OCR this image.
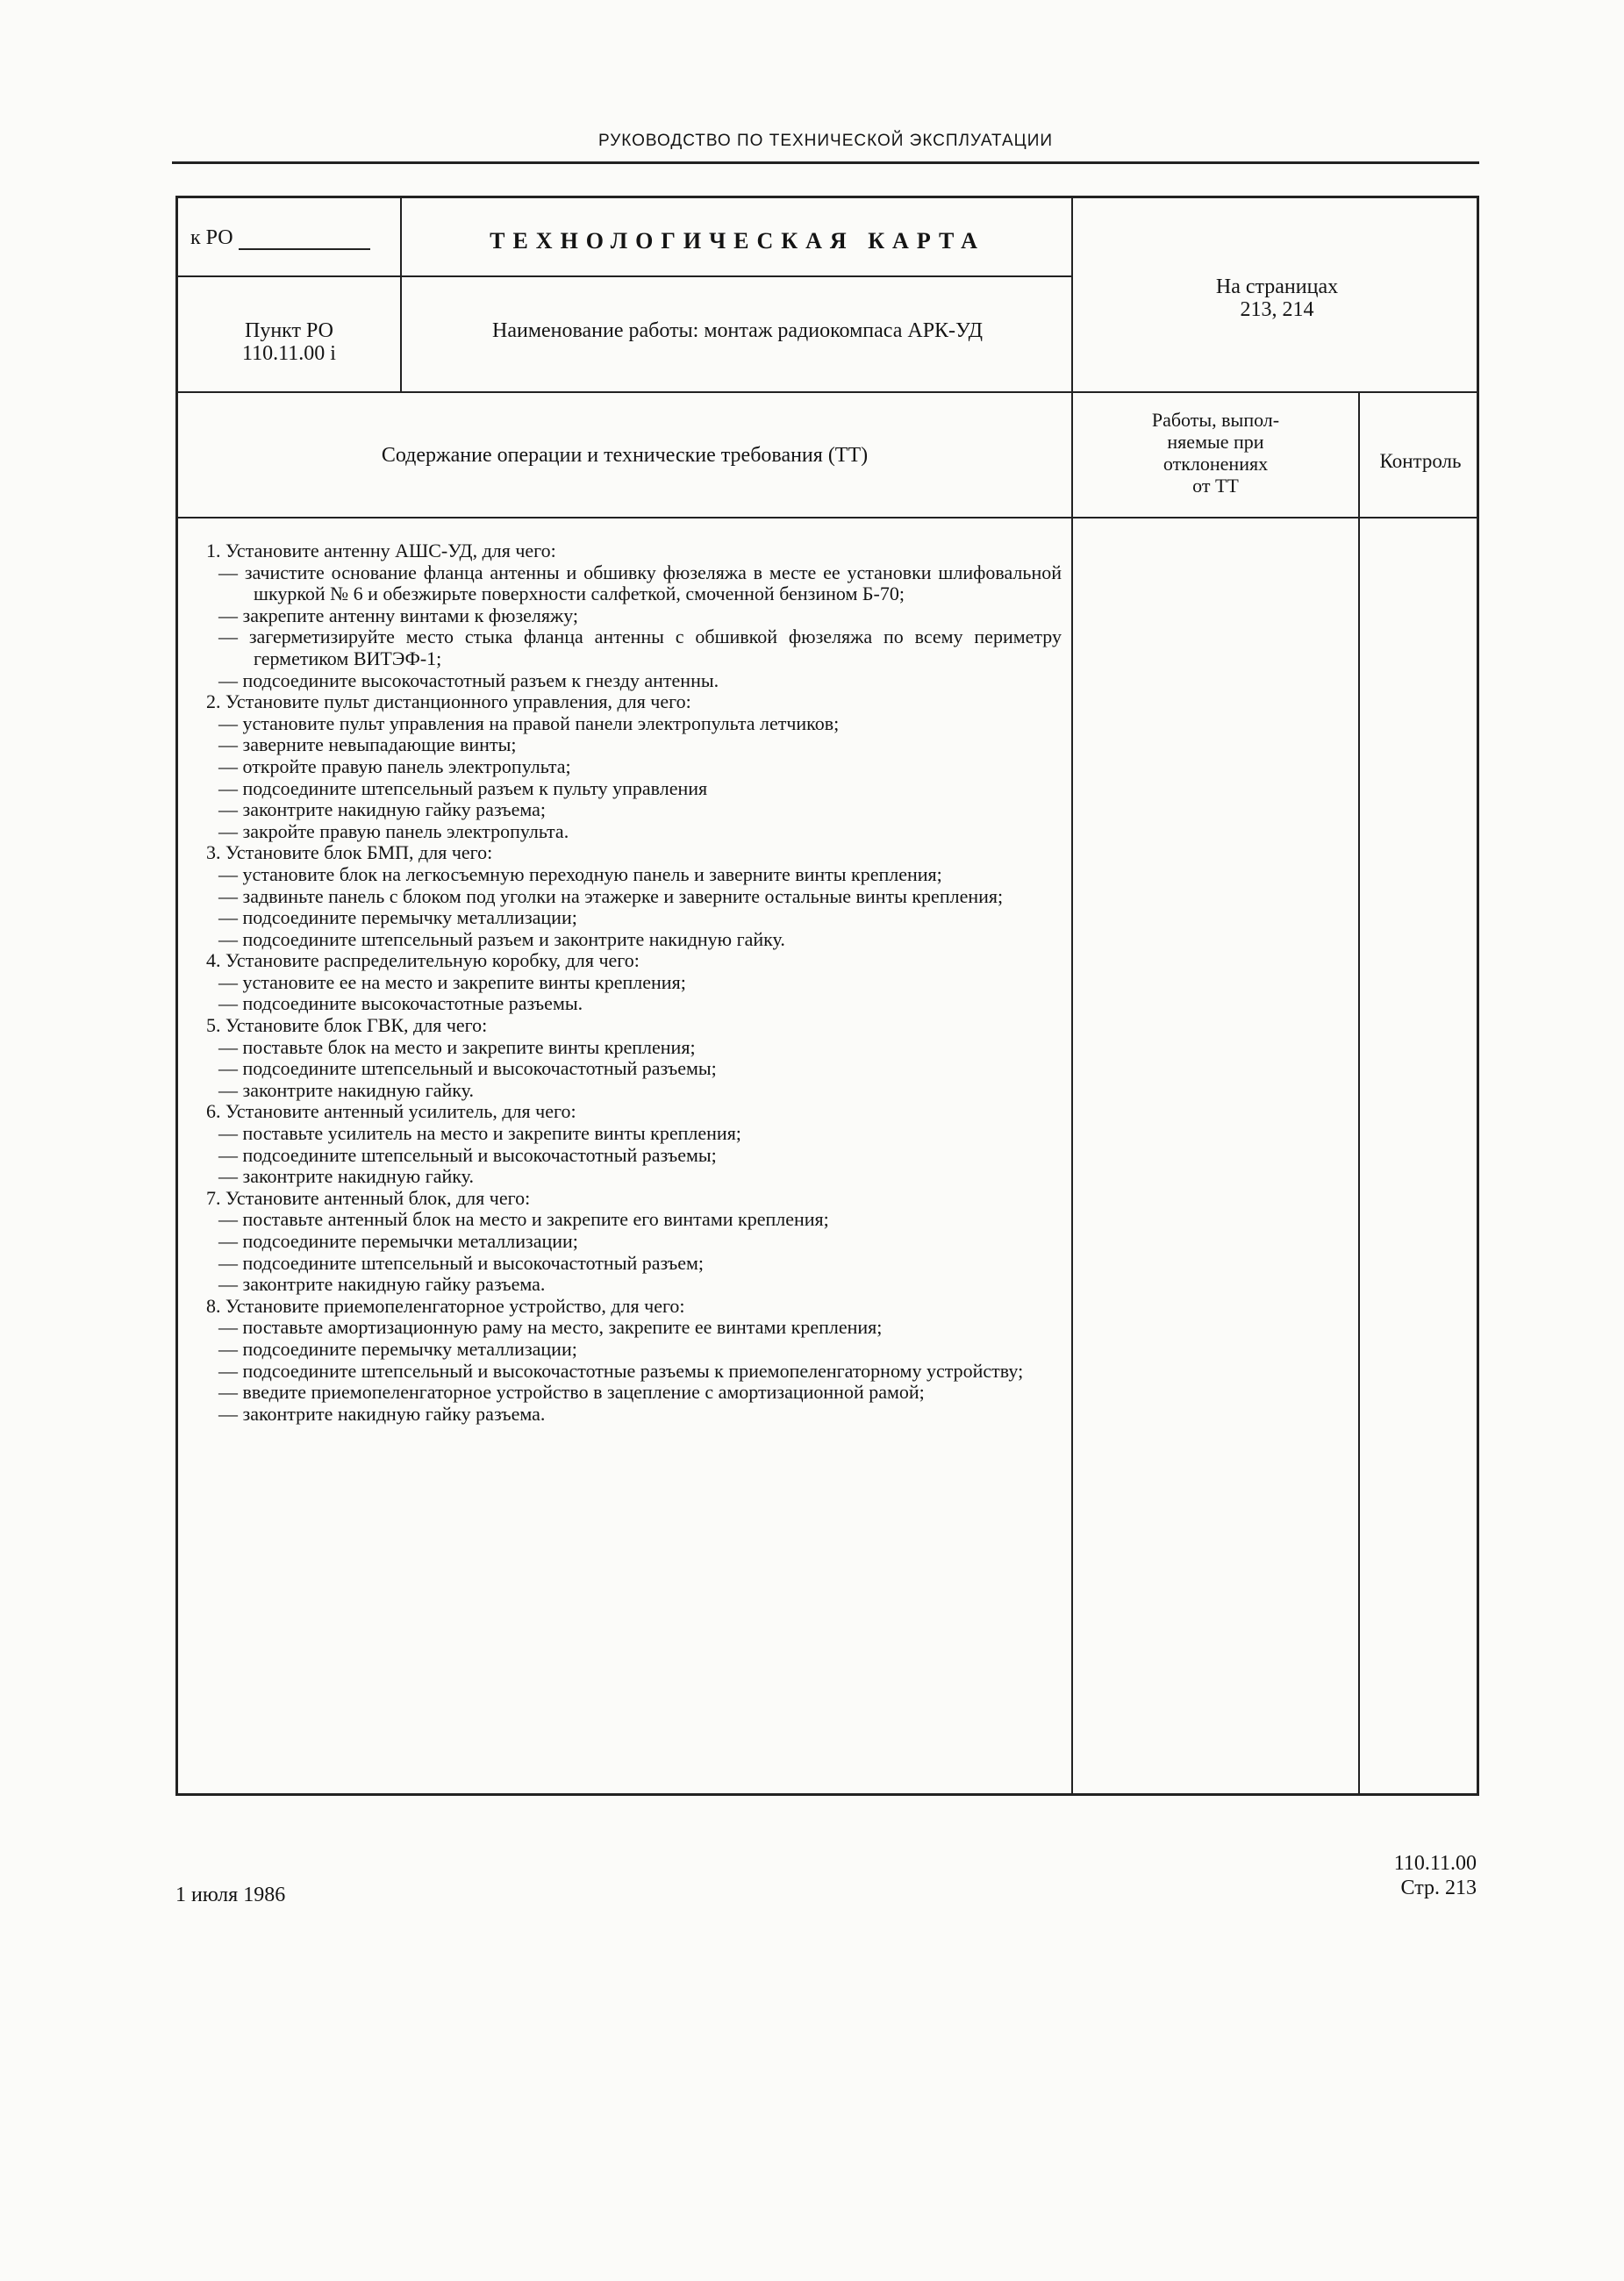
РУКОВОДСТВО ПО ТЕХНИЧЕСКОЙ ЭКСПЛУАТАЦИИ
к РО	ТЕХНОЛОГИЧЕСКАЯ КАРТА
На страницах
213, 214
Пункт РО
110.11.00 і
Наименование работы: монтаж радиокомпаса АРК-УД
Содержание операции и технические требования (ТТ)
Работы, выпол-
няемые при
отклонениях
от ТТ
Контроль
1. Установите антенну АШС-УД, для чего:
— зачистите основание фланца антенны и обшивку фюзеляжа в месте ее установки шлифовальной шкуркой № 6 и обезжирьте поверхности салфеткой, смоченной бензином Б-70;
— закрепите антенну винтами к фюзеляжу;
— загерметизируйте место стыка фланца антенны с обшивкой фюзеляжа по всему периметру герметиком ВИТЭФ-1;
— подсоедините высокочастотный разъем к гнезду антенны.
2. Установите пульт дистанционного управления, для чего:
— установите пульт управления на правой панели электропульта летчиков;
— заверните невыпадающие винты;
— откройте правую панель электропульта;
— подсоедините штепсельный разъем к пульту управления
— законтрите накидную гайку разъема;
— закройте правую панель электропульта.
3. Установите блок БМП, для чего:
— установите блок на легкосъемную переходную панель и заверните винты крепления;
— задвиньте панель с блоком под уголки на этажерке и заверните остальные винты крепления;
— подсоедините перемычку металлизации;
— подсоедините штепсельный разъем и законтрите накидную гайку.
4. Установите распределительную коробку, для чего:
— установите ее на место и закрепите винты крепления;
— подсоедините высокочастотные разъемы.
5. Установите блок ГВК, для чего:
— поставьте блок на место и закрепите винты крепления;
— подсоедините штепсельный и высокочастотный разъемы;
— законтрите накидную гайку.
6. Установите антенный усилитель, для чего:
— поставьте усилитель на место и закрепите винты крепления;
— подсоедините штепсельный и высокочастотный разъемы;
— законтрите накидную гайку.
7. Установите антенный блок, для чего:
— поставьте антенный блок на место и закрепите его винтами крепления;
— подсоедините перемычки металлизации;
— подсоедините штепсельный и высокочастотный разъем;
— законтрите накидную гайку разъема.
8. Установите приемопеленгаторное устройство, для чего:
— поставьте амортизационную раму на место, закрепите ее винтами крепления;
— подсоедините перемычку металлизации;
— подсоедините штепсельный и высокочастотные разъемы к приемопеленгаторному устройству;
— введите приемопеленгаторное устройство в зацепление с амортизационной рамой;
— законтрите накидную гайку разъема.
1 июля 1986
110.11.00
Стр. 213
